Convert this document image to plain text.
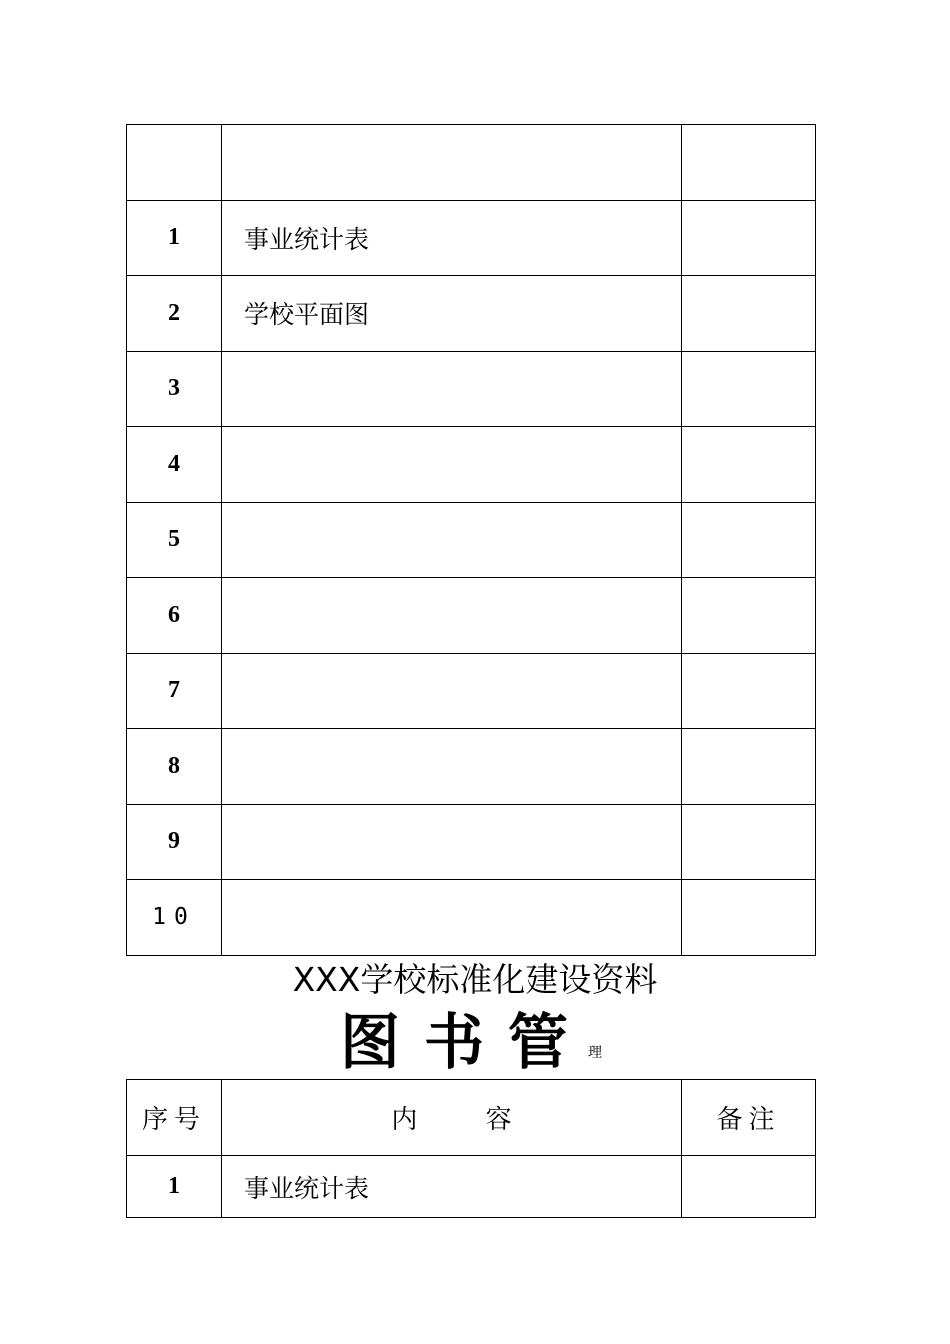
1	事业统计表	
2	学校平面图	
3		
4		
5		
6		
7		
8		
9		
10		
XXX学校标准化建设资料
图书管理
序号	内 容	备注
1	事业统计表	
